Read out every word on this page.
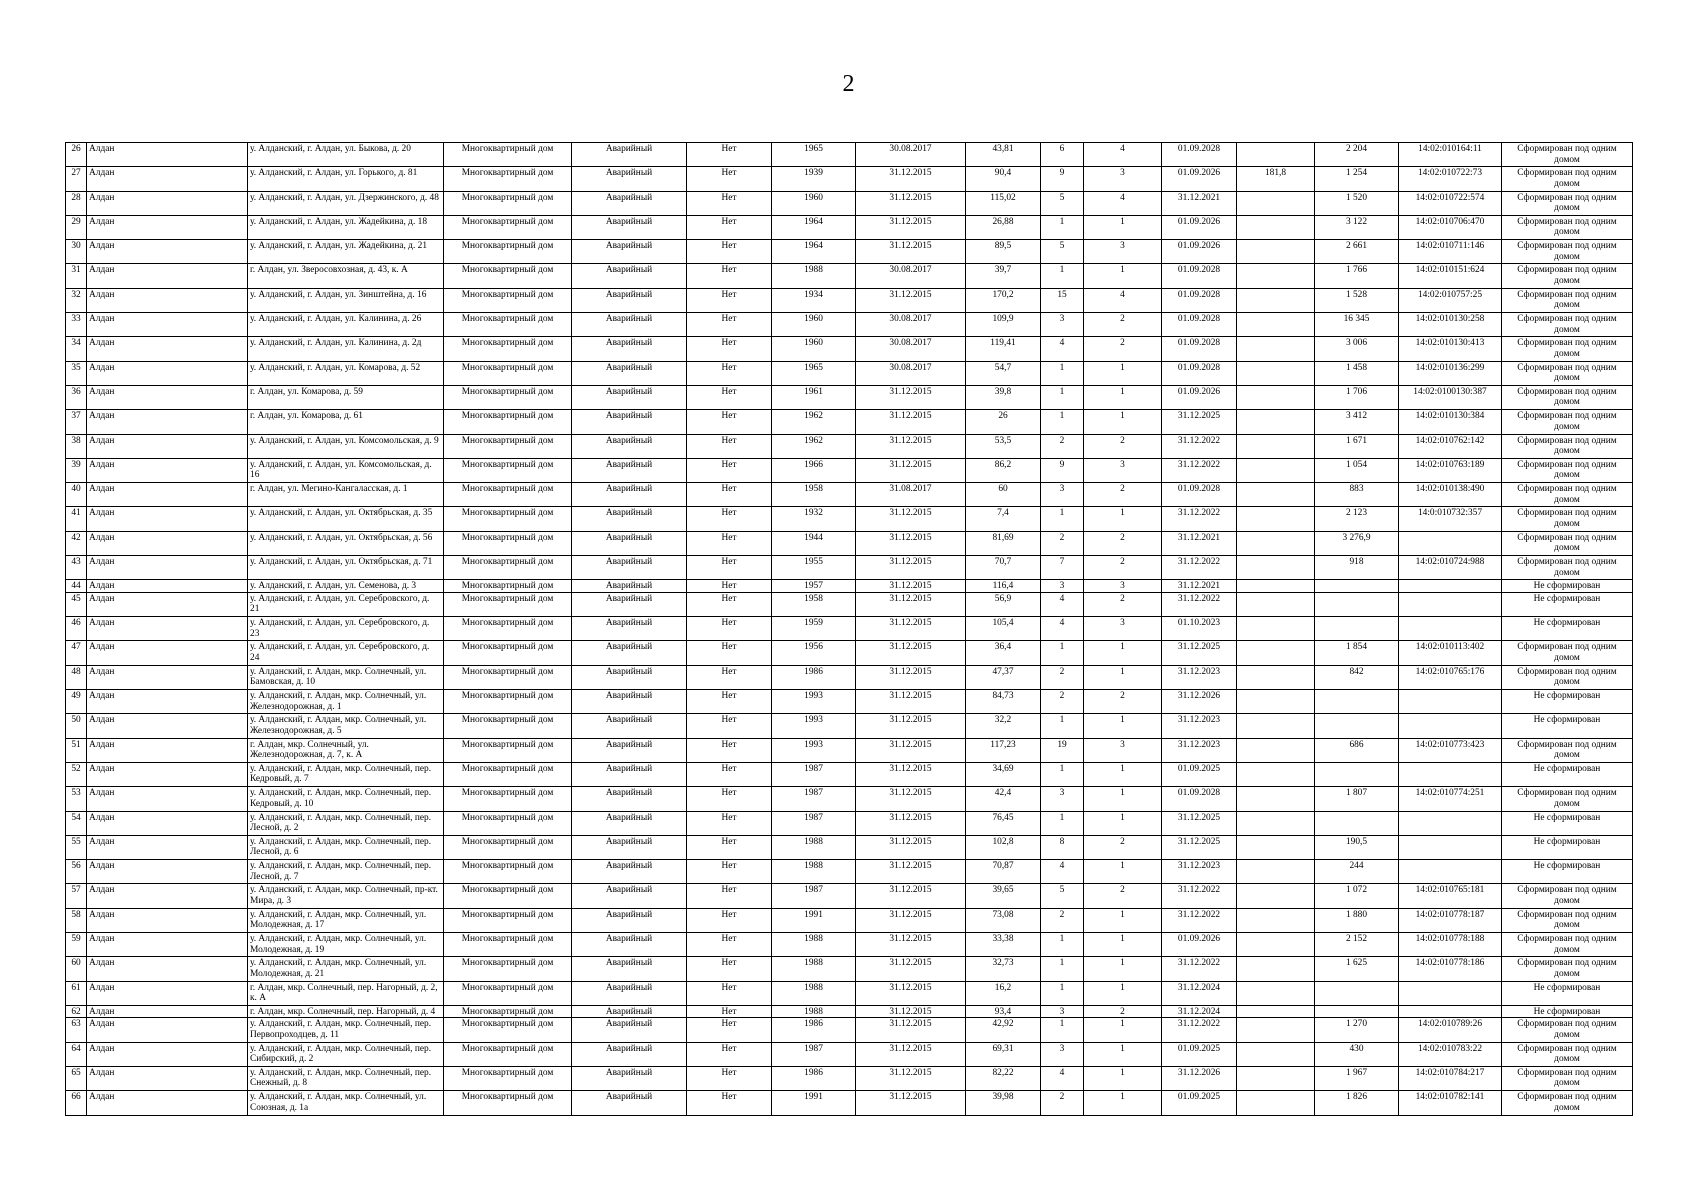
2
26	Алдан	у. Алданский, г. Алдан, ул. Быкова, д. 20	Многоквартирный дом	Аварийный	Нет	1965	30.08.2017	43,81	6	4	01.09.2028		2 204	14:02:010164:11	Сформирован под одним домом
27	Алдан	у. Алданский, г. Алдан, ул. Горького, д. 81	Многоквартирный дом	Аварийный	Нет	1939	31.12.2015	90,4	9	3	01.09.2026	181,8	1 254	14:02:010722:73	Сформирован под одним домом
28	Алдан	у. Алданский, г. Алдан, ул. Дзержинского, д. 48	Многоквартирный дом	Аварийный	Нет	1960	31.12.2015	115,02	5	4	31.12.2021		1 520	14:02:010722:574	Сформирован под одним домом
29	Алдан	у. Алданский, г. Алдан, ул. Жадейкина, д. 18	Многоквартирный дом	Аварийный	Нет	1964	31.12.2015	26,88	1	1	01.09.2026		3 122	14:02:010706:470	Сформирован под одним домом
30	Алдан	у. Алданский, г. Алдан, ул. Жадейкина, д. 21	Многоквартирный дом	Аварийный	Нет	1964	31.12.2015	89,5	5	3	01.09.2026		2 661	14:02:010711:146	Сформирован под одним домом
31	Алдан	г. Алдан, ул. Зверосовхозная, д. 43, к. А	Многоквартирный дом	Аварийный	Нет	1988	30.08.2017	39,7	1	1	01.09.2028		1 766	14:02:010151:624	Сформирован под одним домом
32	Алдан	у. Алданский, г. Алдан, ул. Зинштейна, д. 16	Многоквартирный дом	Аварийный	Нет	1934	31.12.2015	170,2	15	4	01.09.2028		1 528	14:02:010757:25	Сформирован под одним домом
33	Алдан	у. Алданский, г. Алдан, ул. Калинина, д. 26	Многоквартирный дом	Аварийный	Нет	1960	30.08.2017	109,9	3	2	01.09.2028		16 345	14:02:010130:258	Сформирован под одним домом
34	Алдан	у. Алданский, г. Алдан, ул. Калинина, д. 2д	Многоквартирный дом	Аварийный	Нет	1960	30.08.2017	119,41	4	2	01.09.2028		3 006	14:02:010130:413	Сформирован под одним домом
35	Алдан	у. Алданский, г. Алдан, ул. Комарова, д. 52	Многоквартирный дом	Аварийный	Нет	1965	30.08.2017	54,7	1	1	01.09.2028		1 458	14:02:010136:299	Сформирован под одним домом
36	Алдан	г. Алдан, ул. Комарова, д. 59	Многоквартирный дом	Аварийный	Нет	1961	31.12.2015	39,8	1	1	01.09.2026		1 706	14:02:0100130:387	Сформирован под одним домом
37	Алдан	г. Алдан, ул. Комарова, д. 61	Многоквартирный дом	Аварийный	Нет	1962	31.12.2015	26	1	1	31.12.2025		3 412	14:02:010130:384	Сформирован под одним домом
38	Алдан	у. Алданский, г. Алдан, ул. Комсомольская, д. 9	Многоквартирный дом	Аварийный	Нет	1962	31.12.2015	53,5	2	2	31.12.2022		1 671	14:02:010762:142	Сформирован под одним домом
39	Алдан	у. Алданский, г. Алдан, ул. Комсомольская, д. 16	Многоквартирный дом	Аварийный	Нет	1966	31.12.2015	86,2	9	3	31.12.2022		1 054	14:02:010763:189	Сформирован под одним домом
40	Алдан	г. Алдан, ул. Мегино-Кангаласская, д. 1	Многоквартирный дом	Аварийный	Нет	1958	31.08.2017	60	3	2	01.09.2028		883	14:02:010138:490	Сформирован под одним домом
41	Алдан	у. Алданский, г. Алдан, ул. Октябрьская, д. 35	Многоквартирный дом	Аварийный	Нет	1932	31.12.2015	7,4	1	1	31.12.2022		2 123	14:0:010732:357	Сформирован под одним домом
42	Алдан	у. Алданский, г. Алдан, ул. Октябрьская, д. 56	Многоквартирный дом	Аварийный	Нет	1944	31.12.2015	81,69	2	2	31.12.2021		3 276,9		Сформирован под одним домом
43	Алдан	у. Алданский, г. Алдан, ул. Октябрьская, д. 71	Многоквартирный дом	Аварийный	Нет	1955	31.12.2015	70,7	7	2	31.12.2022		918	14:02:010724:988	Сформирован под одним домом
44	Алдан	у. Алданский, г. Алдан, ул. Семенова, д. 3	Многоквартирный дом	Аварийный	Нет	1957	31.12.2015	116,4	3	3	31.12.2021				Не сформирован
45	Алдан	у. Алданский, г. Алдан, ул. Серебровского, д. 21	Многоквартирный дом	Аварийный	Нет	1958	31.12.2015	56,9	4	2	31.12.2022				Не сформирован
46	Алдан	у. Алданский, г. Алдан, ул. Серебровского, д. 23	Многоквартирный дом	Аварийный	Нет	1959	31.12.2015	105,4	4	3	01.10.2023				Не сформирован
47	Алдан	у. Алданский, г. Алдан, ул. Серебровского, д. 24	Многоквартирный дом	Аварийный	Нет	1956	31.12.2015	36,4	1	1	31.12.2025		1 854	14:02:010113:402	Сформирован под одним домом
48	Алдан	у. Алданский, г. Алдан, мкр. Солнечный, ул. Бамовская, д. 10	Многоквартирный дом	Аварийный	Нет	1986	31.12.2015	47,37	2	1	31.12.2023		842	14:02:010765:176	Сформирован под одним домом
49	Алдан	у. Алданский, г. Алдан, мкр. Солнечный, ул. Железнодорожная, д. 1	Многоквартирный дом	Аварийный	Нет	1993	31.12.2015	84,73	2	2	31.12.2026				Не сформирован
50	Алдан	у. Алданский, г. Алдан, мкр. Солнечный, ул. Железнодорожная, д. 5	Многоквартирный дом	Аварийный	Нет	1993	31.12.2015	32,2	1	1	31.12.2023				Не сформирован
51	Алдан	г. Алдан, мкр. Солнечный, ул. Железнодорожная, д. 7, к. А	Многоквартирный дом	Аварийный	Нет	1993	31.12.2015	117,23	19	3	31.12.2023		686	14:02:010773:423	Сформирован под одним домом
52	Алдан	у. Алданский, г. Алдан, мкр. Солнечный, пер. Кедровый, д. 7	Многоквартирный дом	Аварийный	Нет	1987	31.12.2015	34,69	1	1	01.09.2025				Не сформирован
53	Алдан	у. Алданский, г. Алдан, мкр. Солнечный, пер. Кедровый, д. 10	Многоквартирный дом	Аварийный	Нет	1987	31.12.2015	42,4	3	1	01.09.2028		1 807	14:02:010774:251	Сформирован под одним домом
54	Алдан	у. Алданский, г. Алдан, мкр. Солнечный, пер. Лесной, д. 2	Многоквартирный дом	Аварийный	Нет	1987	31.12.2015	76,45	1	1	31.12.2025				Не сформирован
55	Алдан	у. Алданский, г. Алдан, мкр. Солнечный, пер. Лесной, д. 6	Многоквартирный дом	Аварийный	Нет	1988	31.12.2015	102,8	8	2	31.12.2025		190,5		Не сформирован
56	Алдан	у. Алданский, г. Алдан, мкр. Солнечный, пер. Лесной, д. 7	Многоквартирный дом	Аварийный	Нет	1988	31.12.2015	70,87	4	1	31.12.2023		244		Не сформирован
57	Алдан	у. Алданский, г. Алдан, мкр. Солнечный, пр-кт. Мира, д. 3	Многоквартирный дом	Аварийный	Нет	1987	31.12.2015	39,65	5	2	31.12.2022		1 072	14:02:010765:181	Сформирован под одним домом
58	Алдан	у. Алданский, г. Алдан, мкр. Солнечный, ул. Молодежная, д. 17	Многоквартирный дом	Аварийный	Нет	1991	31.12.2015	73,08	2	1	31.12.2022		1 880	14:02:010778:187	Сформирован под одним домом
59	Алдан	у. Алданский, г. Алдан, мкр. Солнечный, ул. Молодежная, д. 19	Многоквартирный дом	Аварийный	Нет	1988	31.12.2015	33,38	1	1	01.09.2026		2 152	14:02:010778:188	Сформирован под одним домом
60	Алдан	у. Алданский, г. Алдан, мкр. Солнечный, ул. Молодежная, д. 21	Многоквартирный дом	Аварийный	Нет	1988	31.12.2015	32,73	1	1	31.12.2022		1 625	14:02:010778:186	Сформирован под одним домом
61	Алдан	г. Алдан, мкр. Солнечный, пер. Нагорный, д. 2, к. А	Многоквартирный дом	Аварийный	Нет	1988	31.12.2015	16,2	1	1	31.12.2024				Не сформирован
62	Алдан	г. Алдан, мкр. Солнечный, пер. Нагорный, д. 4	Многоквартирный дом	Аварийный	Нет	1988	31.12.2015	93,4	3	2	31.12.2024				Не сформирован
63	Алдан	у. Алданский, г. Алдан, мкр. Солнечный, пер. Первопроходцев, д. 11	Многоквартирный дом	Аварийный	Нет	1986	31.12.2015	42,92	1	1	31.12.2022		1 270	14:02:010789:26	Сформирован под одним домом
64	Алдан	у. Алданский, г. Алдан, мкр. Солнечный, пер. Сибирский, д. 2	Многоквартирный дом	Аварийный	Нет	1987	31.12.2015	69,31	3	1	01.09.2025		430	14:02:010783:22	Сформирован под одним домом
65	Алдан	у. Алданский, г. Алдан, мкр. Солнечный, пер. Снежный, д. 8	Многоквартирный дом	Аварийный	Нет	1986	31.12.2015	82,22	4	1	31.12.2026		1 967	14:02:010784:217	Сформирован под одним домом
66	Алдан	у. Алданский, г. Алдан, мкр. Солнечный, ул. Союзная, д. 1а	Многоквартирный дом	Аварийный	Нет	1991	31.12.2015	39,98	2	1	01.09.2025		1 826	14:02:010782:141	Сформирован под одним домом
